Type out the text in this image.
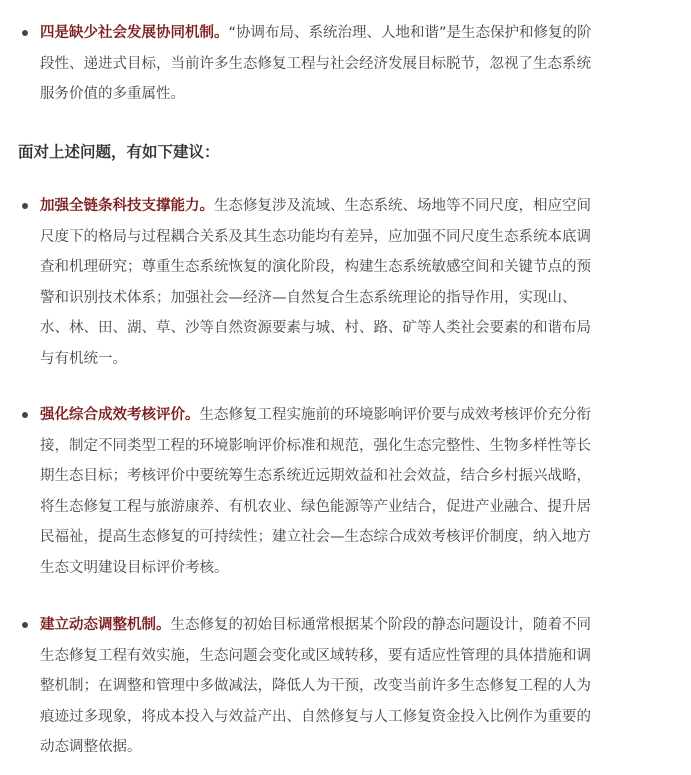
四是缺少社会发展协同机制。“协调布局、系统治理、人地和谐”是生态保护和修复的阶段性、递进式目标，当前许多生态修复工程与社会经济发展目标脱节，忽视了生态系统服务价值的多重属性。
面对上述问题，有如下建议：
加强全链条科技支撑能力。生态修复涉及流域、生态系统、场地等不同尺度，相应空间尺度下的格局与过程耦合关系及其生态功能均有差异，应加强不同尺度生态系统本底调查和机理研究；尊重生态系统恢复的演化阶段，构建生态系统敏感空间和关键节点的预警和识别技术体系；加强社会—经济—自然复合生态系统理论的指导作用，实现山、水、林、田、湖、草、沙等自然资源要素与城、村、路、矿等人类社会要素的和谐布局与有机统一。
强化综合成效考核评价。生态修复工程实施前的环境影响评价要与成效考核评价充分衔接，制定不同类型工程的环境影响评价标准和规范，强化生态完整性、生物多样性等长期生态目标；考核评价中要统筹生态系统近远期效益和社会效益，结合乡村振兴战略，将生态修复工程与旅游康养、有机农业、绿色能源等产业结合，促进产业融合、提升居民福祉，提高生态修复的可持续性；建立社会—生态综合成效考核评价制度，纳入地方生态文明建设目标评价考核。
建立动态调整机制。生态修复的初始目标通常根据某个阶段的静态问题设计，随着不同生态修复工程有效实施，生态问题会变化或区域转移，要有适应性管理的具体措施和调整机制；在调整和管理中多做减法，降低人为干预，改变当前许多生态修复工程的人为痕迹过多现象，将成本投入与效益产出、自然修复与人工修复资金投入比例作为重要的动态调整依据。
